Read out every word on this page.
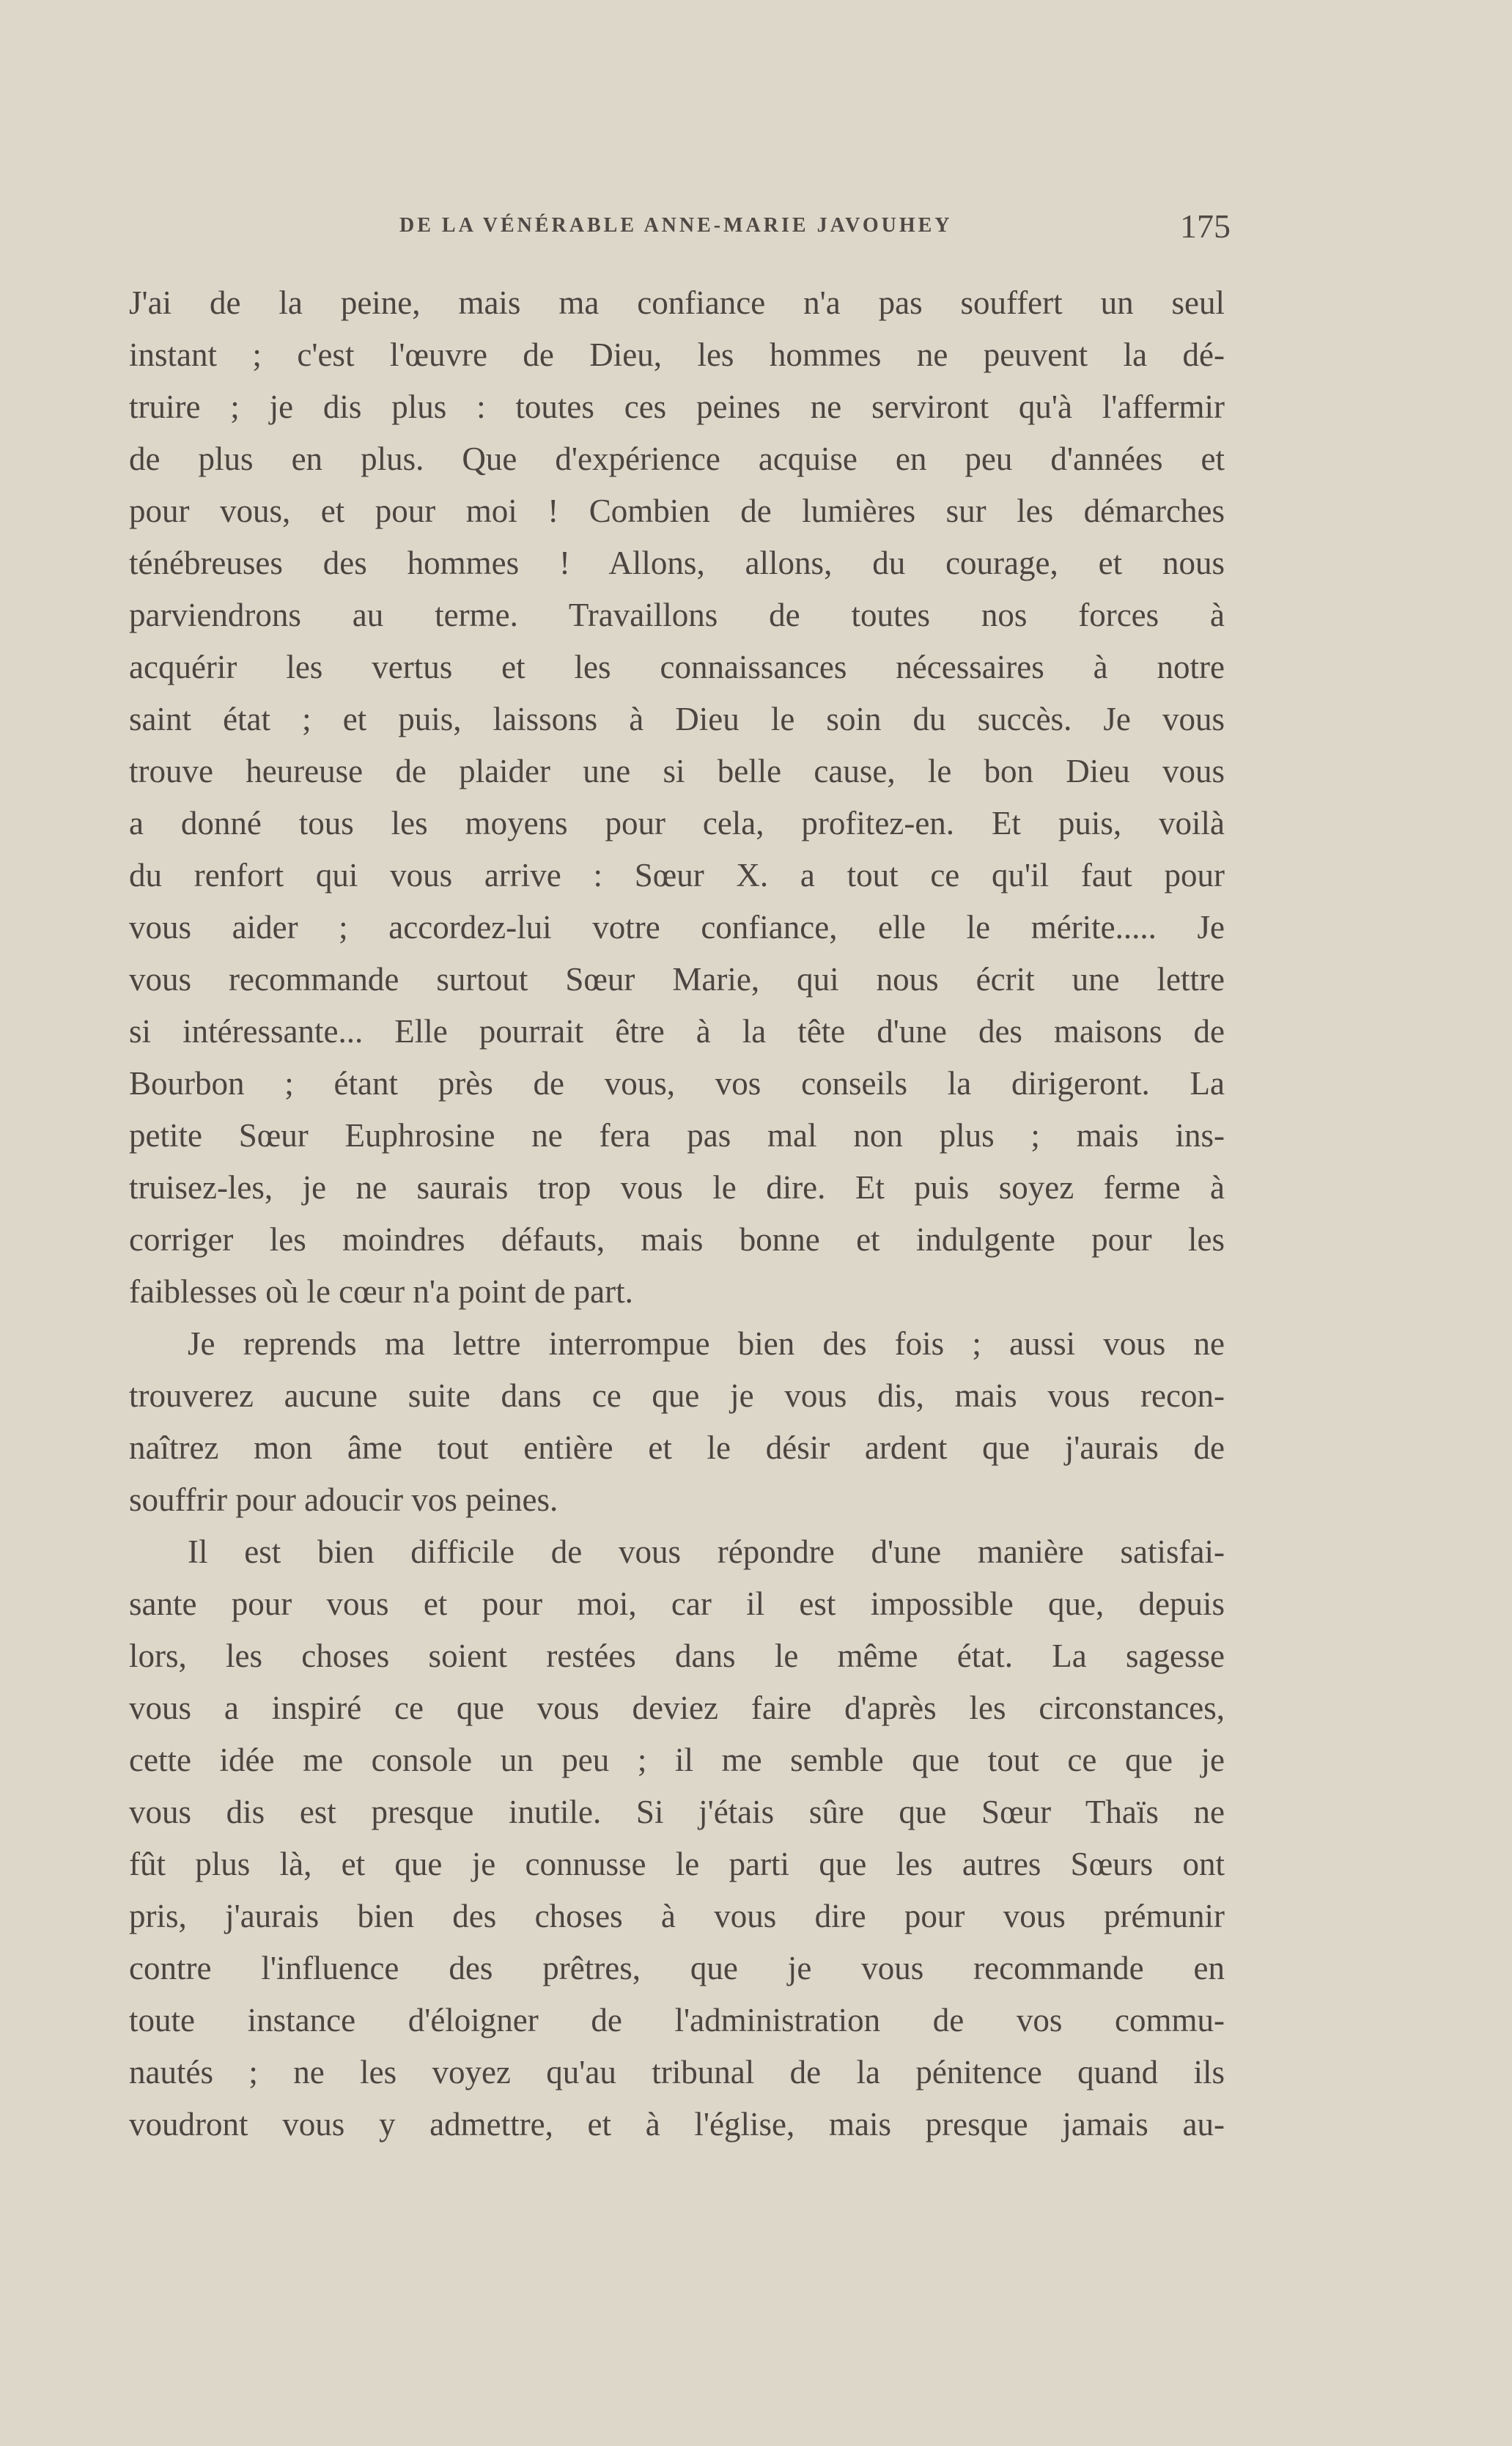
DE LA VÉNÉRABLE ANNE-MARIE JAVOUHEY	175
J'ai de la peine, mais ma confiance n'a pas souffert un seul
instant ; c'est l'œuvre de Dieu, les hommes ne peuvent la dé-
truire ; je dis plus : toutes ces peines ne serviront qu'à l'affermir
de plus en plus. Que d'expérience acquise en peu d'années et
pour vous, et pour moi ! Combien de lumières sur les démarches
ténébreuses des hommes ! Allons, allons, du courage, et nous
parviendrons au terme. Travaillons de toutes nos forces à
acquérir les vertus et les connaissances nécessaires à notre
saint état ; et puis, laissons à Dieu le soin du succès. Je vous
trouve heureuse de plaider une si belle cause, le bon Dieu vous
a donné tous les moyens pour cela, profitez-en. Et puis, voilà
du renfort qui vous arrive : Sœur X. a tout ce qu'il faut pour
vous aider ; accordez-lui votre confiance, elle le mérite..... Je
vous recommande surtout Sœur Marie, qui nous écrit une lettre
si intéressante... Elle pourrait être à la tête d'une des maisons de
Bourbon ; étant près de vous, vos conseils la dirigeront. La
petite Sœur Euphrosine ne fera pas mal non plus ; mais ins-
truisez-les, je ne saurais trop vous le dire. Et puis soyez ferme à
corriger les moindres défauts, mais bonne et indulgente pour les
faiblesses où le cœur n'a point de part.
Je reprends ma lettre interrompue bien des fois ; aussi vous ne
trouverez aucune suite dans ce que je vous dis, mais vous recon-
naîtrez mon âme tout entière et le désir ardent que j'aurais de
souffrir pour adoucir vos peines.
Il est bien difficile de vous répondre d'une manière satisfai-
sante pour vous et pour moi, car il est impossible que, depuis
lors, les choses soient restées dans le même état. La sagesse
vous a inspiré ce que vous deviez faire d'après les circonstances,
cette idée me console un peu ; il me semble que tout ce que je
vous dis est presque inutile. Si j'étais sûre que Sœur Thaïs ne
fût plus là, et que je connusse le parti que les autres Sœurs ont
pris, j'aurais bien des choses à vous dire pour vous prémunir
contre l'influence des prêtres, que je vous recommande en
toute instance d'éloigner de l'administration de vos commu-
nautés ; ne les voyez qu'au tribunal de la pénitence quand ils
voudront vous y admettre, et à l'église, mais presque jamais au-
